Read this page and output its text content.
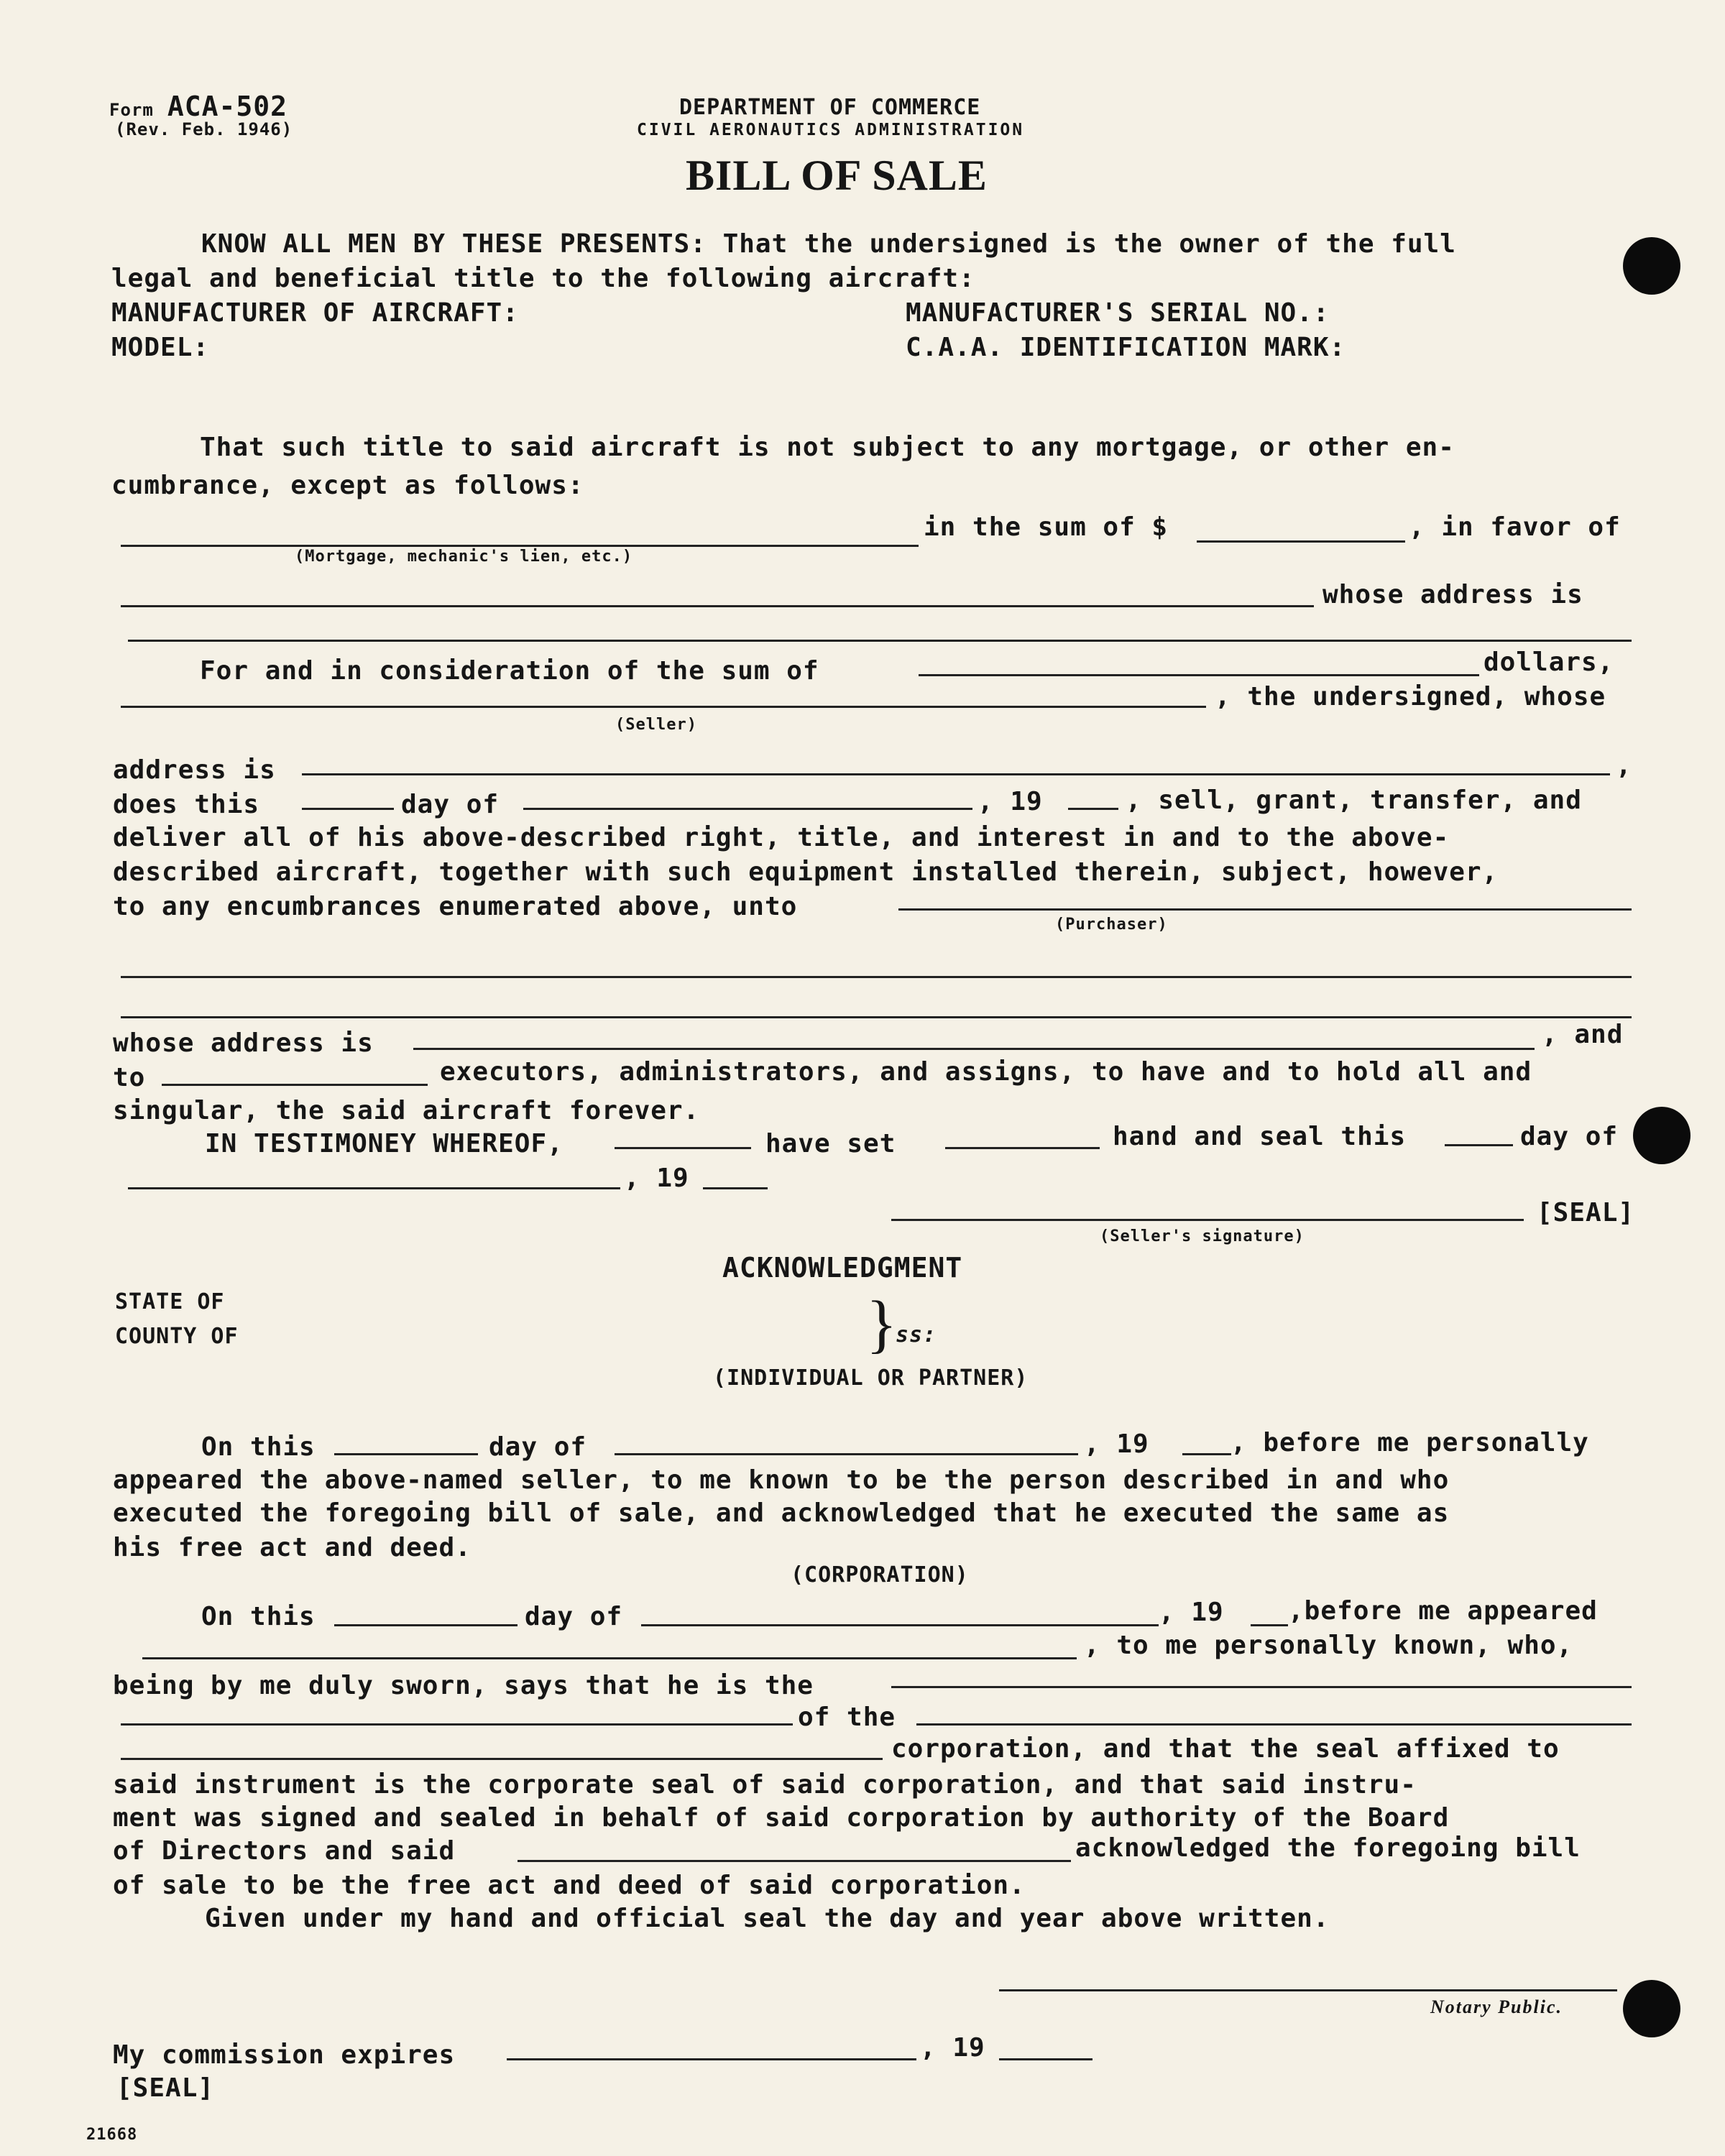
Form ACA-502
(Rev. Feb. 1946)
DEPARTMENT OF COMMERCE
CIVIL AERONAUTICS ADMINISTRATION
BILL OF SALE
KNOW ALL MEN BY THESE PRESENTS: That the undersigned is the owner of the full
legal and beneficial title to the following aircraft:
MANUFACTURER OF AIRCRAFT:	MANUFACTURER'S SERIAL NO.:
MODEL:	C.A.A. IDENTIFICATION MARK:
That such title to said aircraft is not subject to any mortgage, or other en-
cumbrance, except as follows:
in the sum of $	, in favor of
(Mortgage, mechanic's lien, etc.)
whose address is
For and in consideration of the sum of	dollars,
, the undersigned, whose
(Seller)
address is	,
does this	day of	, 19	, sell, grant, transfer, and
deliver all of his above-described right, title, and interest in and to the above-
described aircraft, together with such equipment installed therein, subject, however,
to any encumbrances enumerated above, unto
(Purchaser)
whose address is	, and
to	executors, administrators, and assigns, to have and to hold all and
singular, the said aircraft forever.
IN TESTIMONEY WHEREOF,	have set	hand and seal this	day of
, 19
[SEAL]
(Seller's signature)
ACKNOWLEDGMENT
STATE OF
COUNTY OF	}
ss:
(INDIVIDUAL OR PARTNER)
On this	day of	, 19	, before me personally
appeared the above-named seller, to me known to be the person described in and who
executed the foregoing bill of sale, and acknowledged that he executed the same as
his free act and deed.
(CORPORATION)
On this	day of	, 19 ,before me appeared
, to me personally known, who,
being by me duly sworn, says that he is the
of the
corporation, and that the seal affixed to
said instrument is the corporate seal of said corporation, and that said instru-
ment was signed and sealed in behalf of said corporation by authority of the Board
of Directors and said	acknowledged the foregoing bill
of sale to be the free act and deed of said corporation.
Given under my hand and official seal the day and year above written.
Notary Public.
My commission expires	, 19
[SEAL]
21668
